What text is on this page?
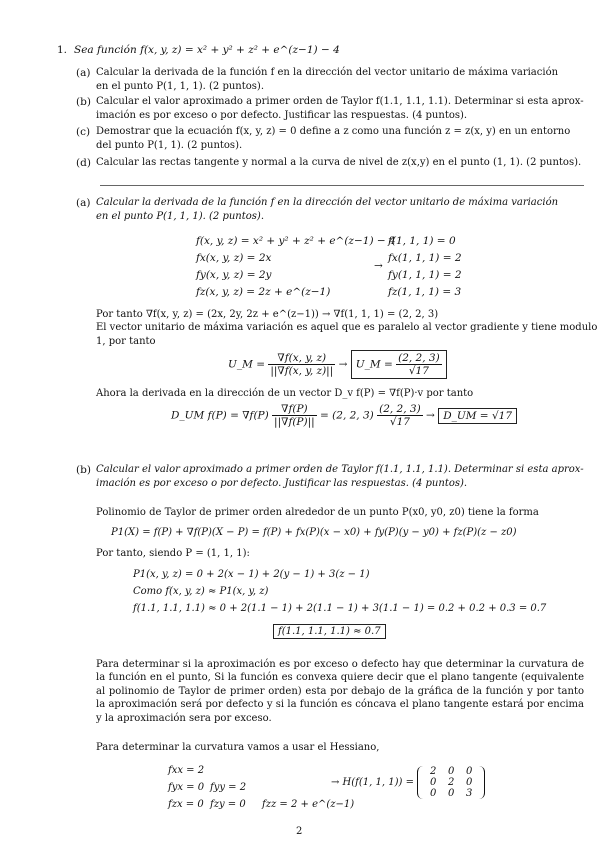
1. Sea función f(x, y, z) = x² + y² + z² + e^(z−1) − 4
(a) Calcular la derivada de la función f en la dirección del vector unitario de máxima variación
en el punto P(1, 1, 1). (2 puntos).
(b) Calcular el valor aproximado a primer orden de Taylor f(1.1, 1.1, 1.1). Determinar si esta aprox-
imación es por exceso o por defecto. Justificar las respuestas. (4 puntos).
(c) Demostrar que la ecuación f(x, y, z) = 0 define a z como una función z = z(x, y) en un entorno
del punto P(1, 1). (2 puntos).
(d) Calcular las rectas tangente y normal a la curva de nivel de z(x,y) en el punto (1, 1). (2 puntos).
(a) Calcular la derivada de la función f en la dirección del vector unitario de máxima variación
en el punto P(1, 1, 1). (2 puntos).
f(x, y, z) = x² + y² + z² + e^(z−1) − 4
fx(x, y, z) = 2x
fy(x, y, z) = 2y
fz(x, y, z) = 2z + e^(z−1)
→
f(1, 1, 1) = 0
fx(1, 1, 1) = 2
fy(1, 1, 1) = 2
fz(1, 1, 1) = 3
Por tanto ∇f(x, y, z) = (2x, 2y, 2z + e^(z−1)) → ∇f(1, 1, 1) = (2, 2, 3)
El vector unitario de máxima variación es aquel que es paralelo al vector gradiente y tiene modulo
1, por tanto
U_M = $\frac{\nabla f(x, y, z)}{||\nabla f(x, y, z)||}$ → U_M = $\frac{(2, 2, 3)}{√17}$
Ahora la derivada en la dirección de un vector D_v f(P) = ∇f(P)·v por tanto
D_UM $f(P) = \nabla f(P) \frac{\nabla f(P)}{||\nabla f(P)||} = (2$, 2, $3) \frac{(2, 2, 3)}{√17}$ → D_UM = √17
(b) Calcular el valor aproximado a primer orden de Taylor f(1.1, 1.1, 1.1). Determinar si esta aprox-
imación es por exceso o por defecto. Justificar las respuestas. (4 puntos).
Polinomio de Taylor de primer orden alrededor de un punto P(x0, y0, z0) tiene la forma
P1(X) = f(P) + ∇f(P)(X − P) = f(P) + fx(P)(x − x0) + fy(P)(y − y0) + fz(P)(z − z0)
Por tanto, siendo P = (1, 1, 1):
P1(x, y, z) = 0 + 2(x − 1) + 2(y − 1) + 3(z − 1)
Como f(x, y, z) ≈ P1(x, y, z)
f(1.1, 1.1, 1.1) ≈ 0 + 2(1.1 − 1) + 2(1.1 − 1) + 3(1.1 − 1) = 0.2 + 0.2 + 0.3 = 0.7
f(1.1, 1.1, 1.1) ≈ 0.7
Para determinar si la aproximación es por exceso o defecto hay que determinar la curvatura de la función en el punto, Si la función es convexa quiere decir que el plano tangente (equivalente al polinomio de Taylor de primer orden) esta por debajo de la gráfica de la función y por tanto la aproximación será por defecto y si la función es cóncava el plano tangente estará por encima y la aproximación sera por exceso.
Para determinar la curvatura vamos a usar el Hessiano,
fxx = 2
fyx = 0 fyy = 2
fzx = 0 fzy = 0 fzz = 2 + e^(z−1)
→ H(f(1, 1, 1)) =
2 0 0
0 2 0
0 0 3
2
